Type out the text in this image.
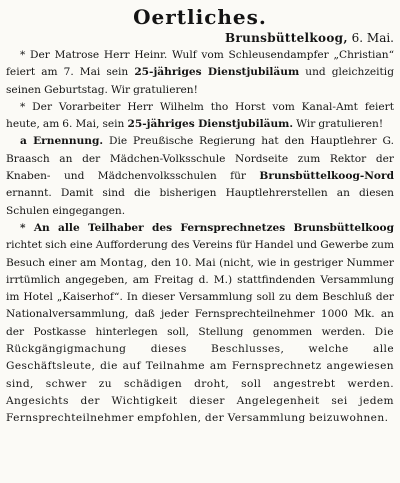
Oertliches.
Brunsbüttelkoog, 6. Mai.
* Der Matrose Herr Heinr. Wulf vom Schleusendampfer „Christian“ feiert am 7. Mai sein 25-jähriges Dienstjubiläum und gleichzeitig seinen Geburtstag. Wir gratulieren!
* Der Vorarbeiter Herr Wilhelm tho Horst vom Kanal-Amt feiert heute, am 6. Mai, sein 25-jähriges Dienstjubiläum. Wir gratulieren!
a Ernennung. Die Preußische Regierung hat den Hauptlehrer G. Braasch an der Mädchen-Volksschule Nordseite zum Rektor der Knaben- und Mädchenvolksschulen für Brunsbüttelkoog-Nord ernannt. Damit sind die bisherigen Hauptlehrerstellen an diesen Schulen eingegangen.
* An alle Teilhaber des Fernsprechnetzes Brunsbüttelkoog richtet sich eine Aufforderung des Vereins für Handel und Gewerbe zum Besuch einer am Montag, den 10. Mai (nicht, wie in gestriger Nummer irrtümlich angegeben, am Freitag d. M.) stattfindenden Versammlung im Hotel „Kaiserhof“. In dieser Versammlung soll zu dem Beschluß der Nationalversammlung, daß jeder Fernsprechteilnehmer 1000 Mk. an der Postkasse hinterlegen soll, Stellung genommen werden. Die Rückgängigmachung dieses Beschlusses, welche alle Geschäftsleute, die auf Teilnahme am Fernsprechnetz angewiesen sind, schwer zu schädigen droht, soll angestrebt werden. Angesichts der Wichtigkeit dieser Angelegenheit sei jedem Fernsprechteilnehmer empfohlen, der Versammlung beizuwohnen.
